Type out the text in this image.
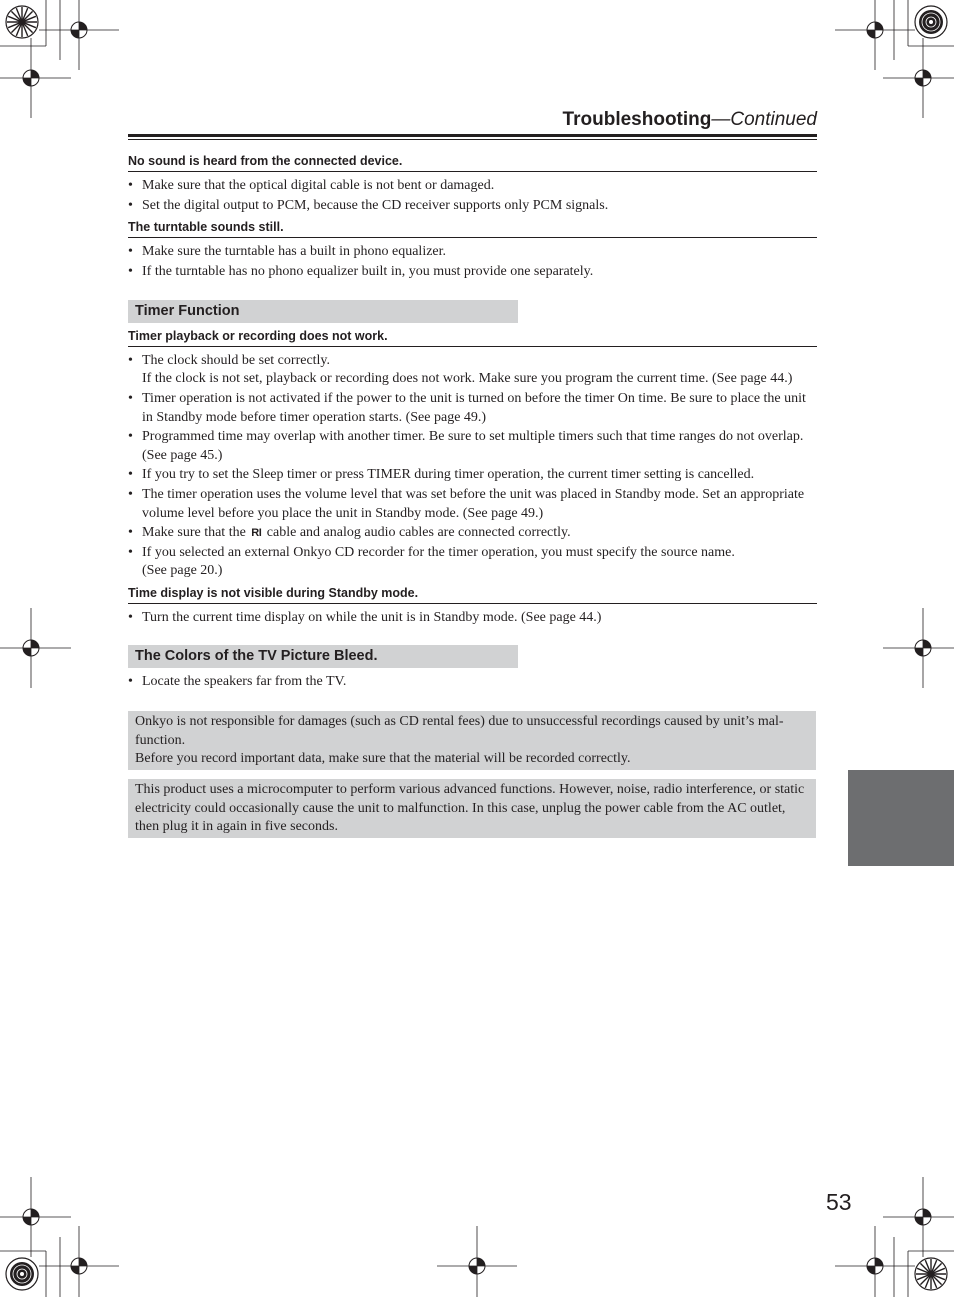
Troubleshooting—Continued
No sound is heard from the connected device.
• Make sure that the optical digital cable is not bent or damaged.
• Set the digital output to PCM, because the CD receiver supports only PCM signals.
The turntable sounds still.
• Make sure the turntable has a built in phono equalizer.
• If the turntable has no phono equalizer built in, you must provide one separately.
Timer Function
Timer playback or recording does not work.
• The clock should be set correctly.
If the clock is not set, playback or recording does not work. Make sure you program the current time. (See page 44.)
• Timer operation is not activated if the power to the unit is turned on before the timer On time. Be sure to place the unit in Standby mode before timer operation starts. (See page 49.)
• Programmed time may overlap with another timer. Be sure to set multiple timers such that time ranges do not overlap. (See page 45.)
• If you try to set the Sleep timer or press TIMER during timer operation, the current timer setting is cancelled.
• The timer operation uses the volume level that was set before the unit was placed in Standby mode. Set an appropriate volume level before you place the unit in Standby mode. (See page 49.)
• Make sure that the RI cable and analog audio cables are connected correctly.
• If you selected an external Onkyo CD recorder for the timer operation, you must specify the source name.
(See page 20.)
Time display is not visible during Standby mode.
• Turn the current time display on while the unit is in Standby mode. (See page 44.)
The Colors of the TV Picture Bleed.
• Locate the speakers far from the TV.
Onkyo is not responsible for damages (such as CD rental fees) due to unsuccessful recordings caused by unit’s mal-function.
Before you record important data, make sure that the material will be recorded correctly.
This product uses a microcomputer to perform various advanced functions. However, noise, radio interference, or static electricity could occasionally cause the unit to malfunction. In this case, unplug the power cable from the AC outlet, then plug it in again in five seconds.
53
